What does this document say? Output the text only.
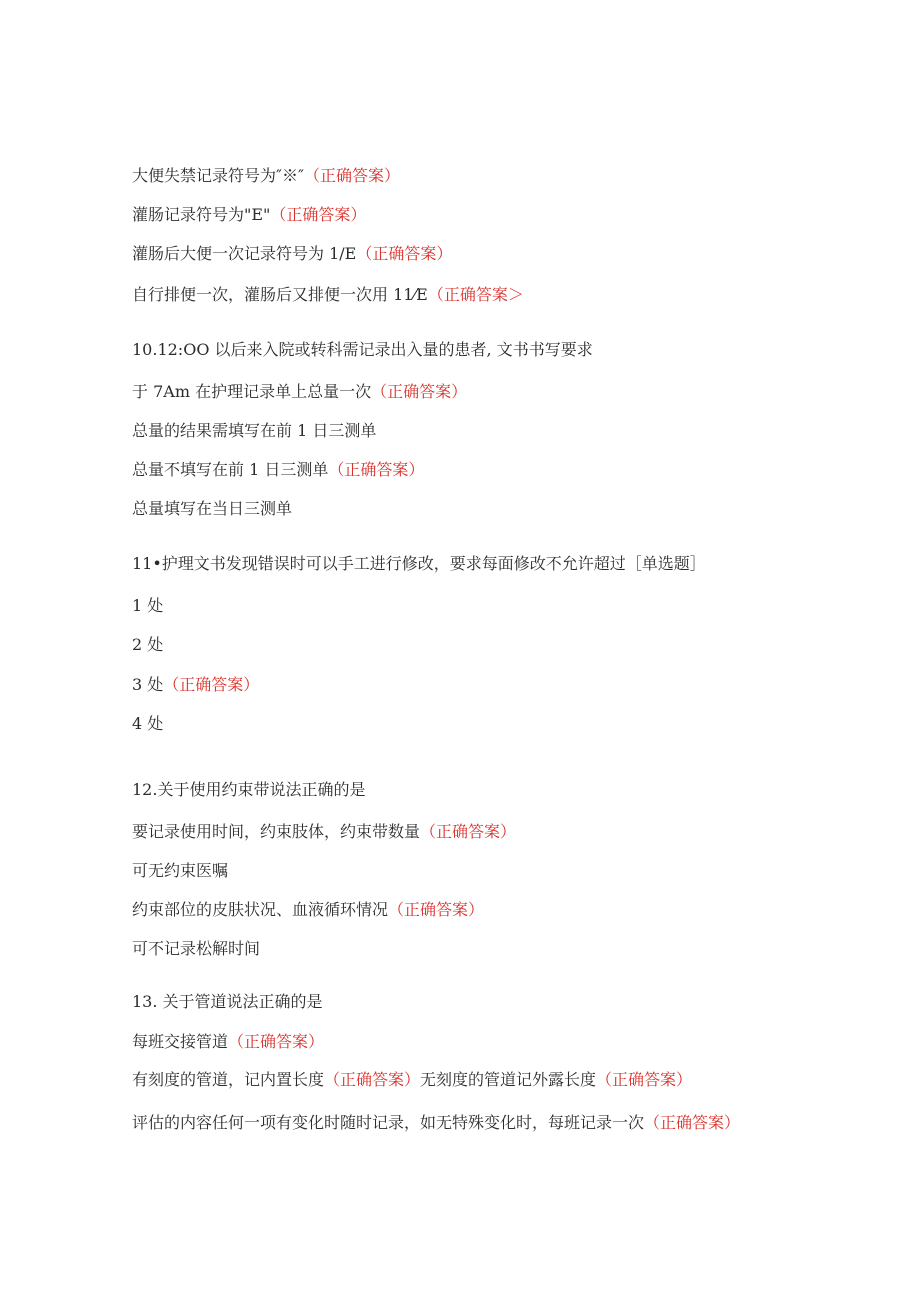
大便失禁记录符号为″※″（正确答案）
灌肠记录符号为"E"（正确答案）
灌肠后大便一次记录符号为 1/E（正确答案）
自行排便一次，灌肠后又排便一次用 11⁄E（正确答案＞
10.12:OO 以后来入院或转科需记录出入量的患者, 文书书写要求
于 7Am 在护理记录单上总量一次（正确答案）
总量的结果需填写在前 1 日三测单
总量不填写在前 1 日三测单（正确答案）
总量填写在当日三测单
11•护理文书发现错误时可以手工进行修改，要求每面修改不允许超过［单选题］
1 处
2 处
3 处（正确答案）
4 处
12.关于使用约束带说法正确的是
要记录使用时间，约束肢体，约束带数量（正确答案）
可无约束医嘱
约束部位的皮肤状况、血液循环情况（正确答案）
可不记录松解时间
13. 关于管道说法正确的是
每班交接管道（正确答案）
有刻度的管道，记内置长度（正确答案）无刻度的管道记外露长度（正确答案）
评估的内容任何一项有变化时随时记录，如无特殊变化时，每班记录一次（正确答案）
